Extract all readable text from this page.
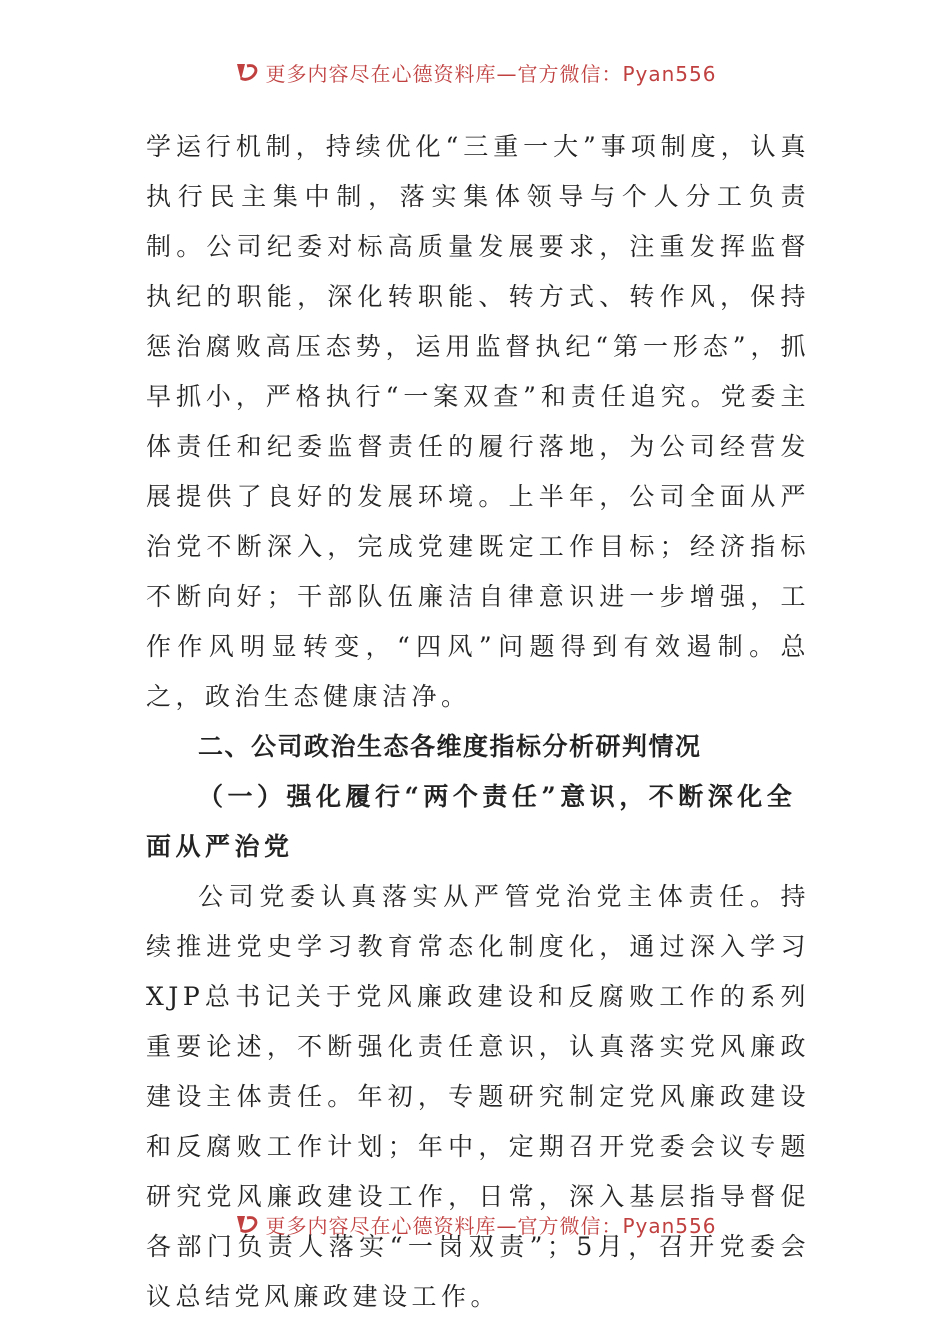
更多内容尽在心德资料库—官方微信：Pyan556

学运行机制，持续优化“三重一大”事项制度，认真执行民主集中制，落实集体领导与个人分工负责制。公司纪委对标高质量发展要求，注重发挥监督执纪的职能，深化转职能、转方式、转作风，保持惩治腐败高压态势，运用监督执纪“第一形态”，抓早抓小，严格执行“一案双查”和责任追究。党委主体责任和纪委监督责任的履行落地，为公司经营发展提供了良好的发展环境。上半年，公司全面从严治党不断深入，完成党建既定工作目标；经济指标不断向好；干部队伍廉洁自律意识进一步增强，工作作风明显转变，“四风”问题得到有效遏制。总之，政治生态健康洁净。

二、公司政治生态各维度指标分析研判情况

（一）强化履行“两个责任”意识，不断深化全面从严治党

公司党委认真落实从严管党治党主体责任。持续推进党史学习教育常态化制度化，通过深入学习XJP总书记关于党风廉政建设和反腐败工作的系列重要论述，不断强化责任意识，认真落实党风廉政建设主体责任。年初，专题研究制定党风廉政建设和反腐败工作计划；年中，定期召开党委会议专题研究党风廉政建设工作，日常，深入基层指导督促各部门负责人落实“一岗双责”；5月，召开党委会议总结党风廉政建设工作。

更多内容尽在心德资料库—官方微信：Pyan556
